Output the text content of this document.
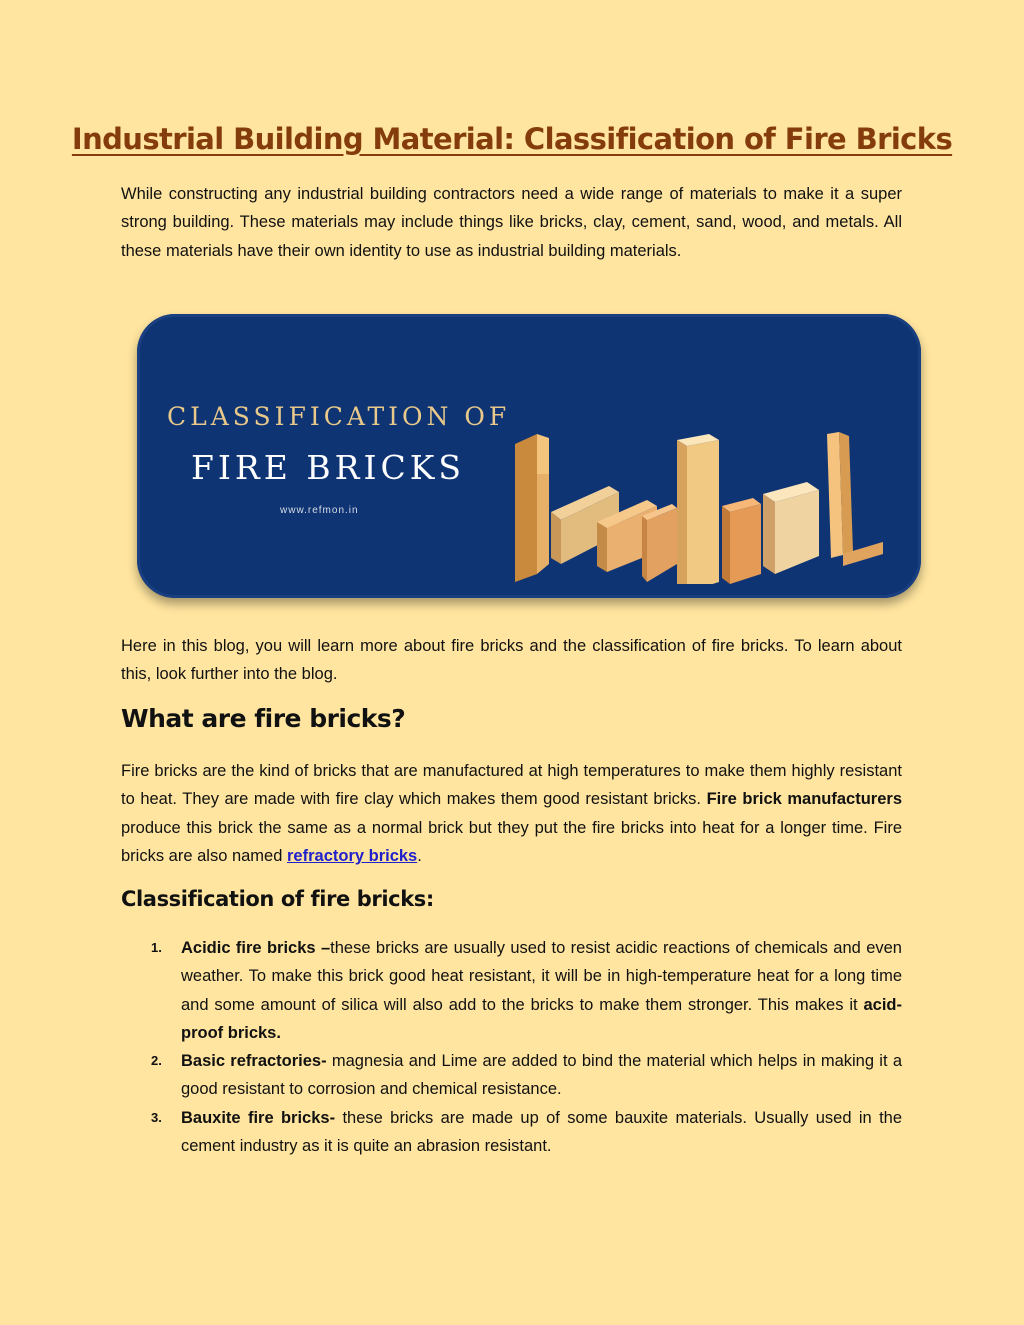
Industrial Building Material: Classification of Fire Bricks
While constructing any industrial building contractors need a wide range of materials to make it a super strong building. These materials may include things like bricks, clay, cement, sand, wood, and metals. All these materials have their own identity to use as industrial building materials.
CLASSIFICATION OF
FIRE BRICKS
www.refmon.in
Here in this blog, you will learn more about fire bricks and the classification of fire bricks. To learn about this, look further into the blog.
What are fire bricks?
Fire bricks are the kind of bricks that are manufactured at high temperatures to make them highly resistant to heat. They are made with fire clay which makes them good resistant bricks. Fire brick manufacturers produce this brick the same as a normal brick but they put the fire bricks into heat for a longer time. Fire bricks are also named refractory bricks.
Classification of fire bricks:
1. Acidic fire bricks –these bricks are usually used to resist acidic reactions of chemicals and even weather. To make this brick good heat resistant, it will be in high-temperature heat for a long time and some amount of silica will also add to the bricks to make them stronger. This makes it acid-proof bricks.
2. Basic refractories- magnesia and Lime are added to bind the material which helps in making it a good resistant to corrosion and chemical resistance.
3. Bauxite fire bricks- these bricks are made up of some bauxite materials. Usually used in the cement industry as it is quite an abrasion resistant.
